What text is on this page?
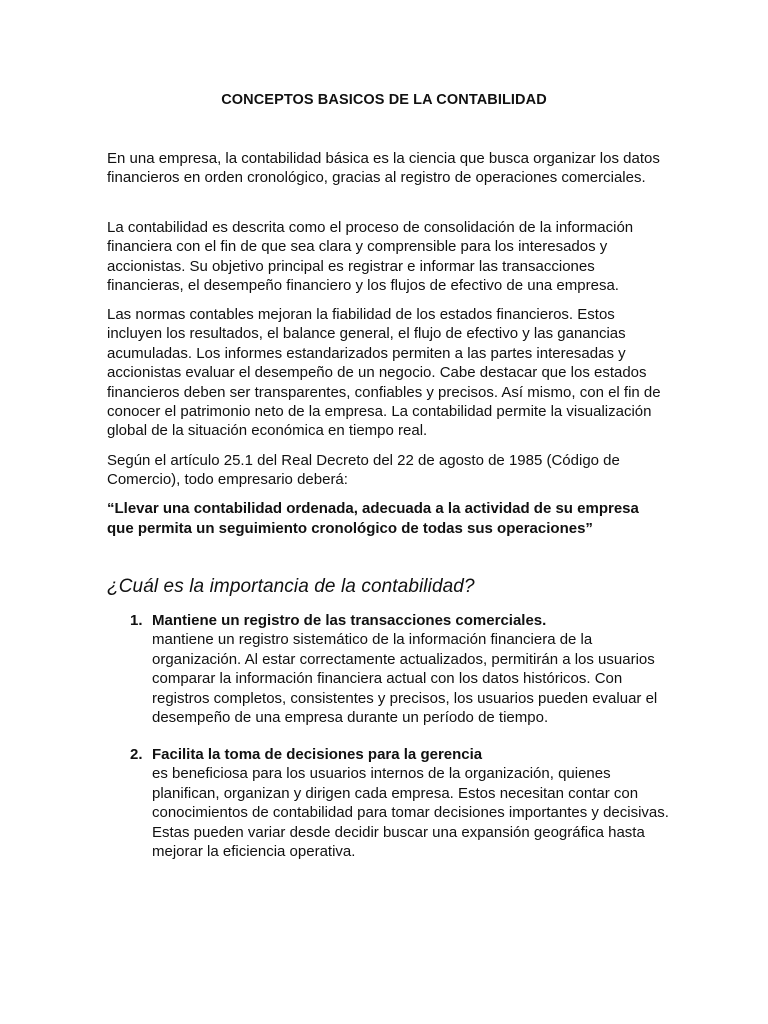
CONCEPTOS BASICOS DE LA CONTABILIDAD
En una empresa, la contabilidad básica es la ciencia que busca organizar los datos financieros en orden cronológico, gracias al registro de operaciones comerciales.
La contabilidad es descrita como el proceso de consolidación de la información financiera con el fin de que sea clara y comprensible para los interesados y accionistas. Su objetivo principal es registrar e informar las transacciones financieras, el desempeño financiero y los flujos de efectivo de una empresa.
Las normas contables mejoran la fiabilidad de los estados financieros. Estos incluyen los resultados, el balance general, el flujo de efectivo y las ganancias acumuladas. Los informes estandarizados permiten a las partes interesadas y accionistas evaluar el desempeño de un negocio. Cabe destacar que los estados financieros deben ser transparentes, confiables y precisos. Así mismo, con el fin de conocer el patrimonio neto de la empresa. La contabilidad permite la visualización global de la situación económica en tiempo real.
Según el artículo 25.1 del Real Decreto del 22 de agosto de 1985 (Código de Comercio), todo empresario deberá:
“Llevar una contabilidad ordenada, adecuada a la actividad de su empresa que permita un seguimiento cronológico de todas sus operaciones”
¿Cuál es la importancia de la contabilidad?
1. Mantiene un registro de las transacciones comerciales.
mantiene un registro sistemático de la información financiera de la organización. Al estar correctamente actualizados, permitirán a los usuarios comparar la información financiera actual con los datos históricos. Con registros completos, consistentes y precisos, los usuarios pueden evaluar el desempeño de una empresa durante un período de tiempo.
2. Facilita la toma de decisiones para la gerencia
es beneficiosa para los usuarios internos de la organización, quienes planifican, organizan y dirigen cada empresa. Estos necesitan contar con conocimientos de contabilidad para tomar decisiones importantes y decisivas. Estas pueden variar desde decidir buscar una expansión geográfica hasta mejorar la eficiencia operativa.
